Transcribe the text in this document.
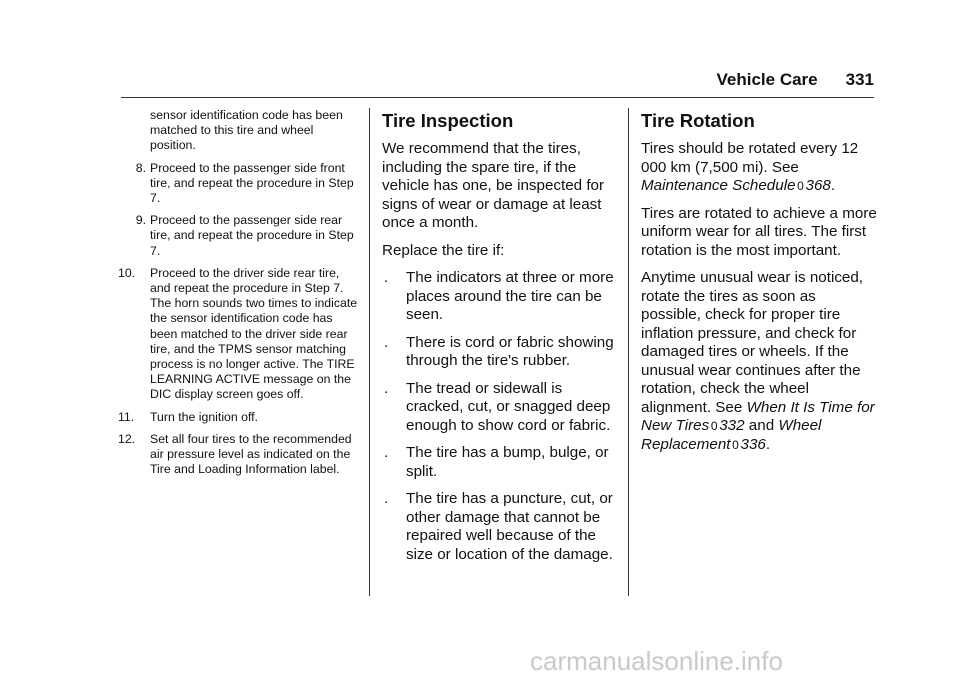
Vehicle Care 331

sensor identification code has been matched to this tire and wheel position.

8. Proceed to the passenger side front tire, and repeat the procedure in Step 7.
9. Proceed to the passenger side rear tire, and repeat the procedure in Step 7.
10.	Proceed to the driver side rear tire, and repeat the procedure in Step 7. The horn sounds two times to indicate the sensor identification code has been matched to the driver side rear tire, and the TPMS sensor matching process is no longer active. The TIRE LEARNING ACTIVE message on the DIC display screen goes off.
11.	Turn the ignition off.
12.	Set all four tires to the recommended air pressure level as indicated on the Tire and Loading Information label.
Tire Inspection

We recommend that the tires, including the spare tire, if the vehicle has one, be inspected for signs of wear or damage at least once a month.

Replace the tire if:

.	The indicators at three or more places around the tire can be seen.
.	There is cord or fabric showing through the tire's rubber.
.	The tread or sidewall is cracked, cut, or snagged deep enough to show cord or fabric.
.	The tire has a bump, bulge, or split.
.	The tire has a puncture, cut, or other damage that cannot be repaired well because of the size or location of the damage.
Tire Rotation

Tires should be rotated every 12 000 km (7,500 mi). See Maintenance Schedule 0 368.

Tires are rotated to achieve a more uniform wear for all tires. The first rotation is the most important.

Anytime unusual wear is noticed, rotate the tires as soon as possible, check for proper tire inflation pressure, and check for damaged tires or wheels. If the unusual wear continues after the rotation, check the wheel alignment. See When It Is Time for New Tires 0 332 and Wheel Replacement 0 336.

carmanualsonline.info
